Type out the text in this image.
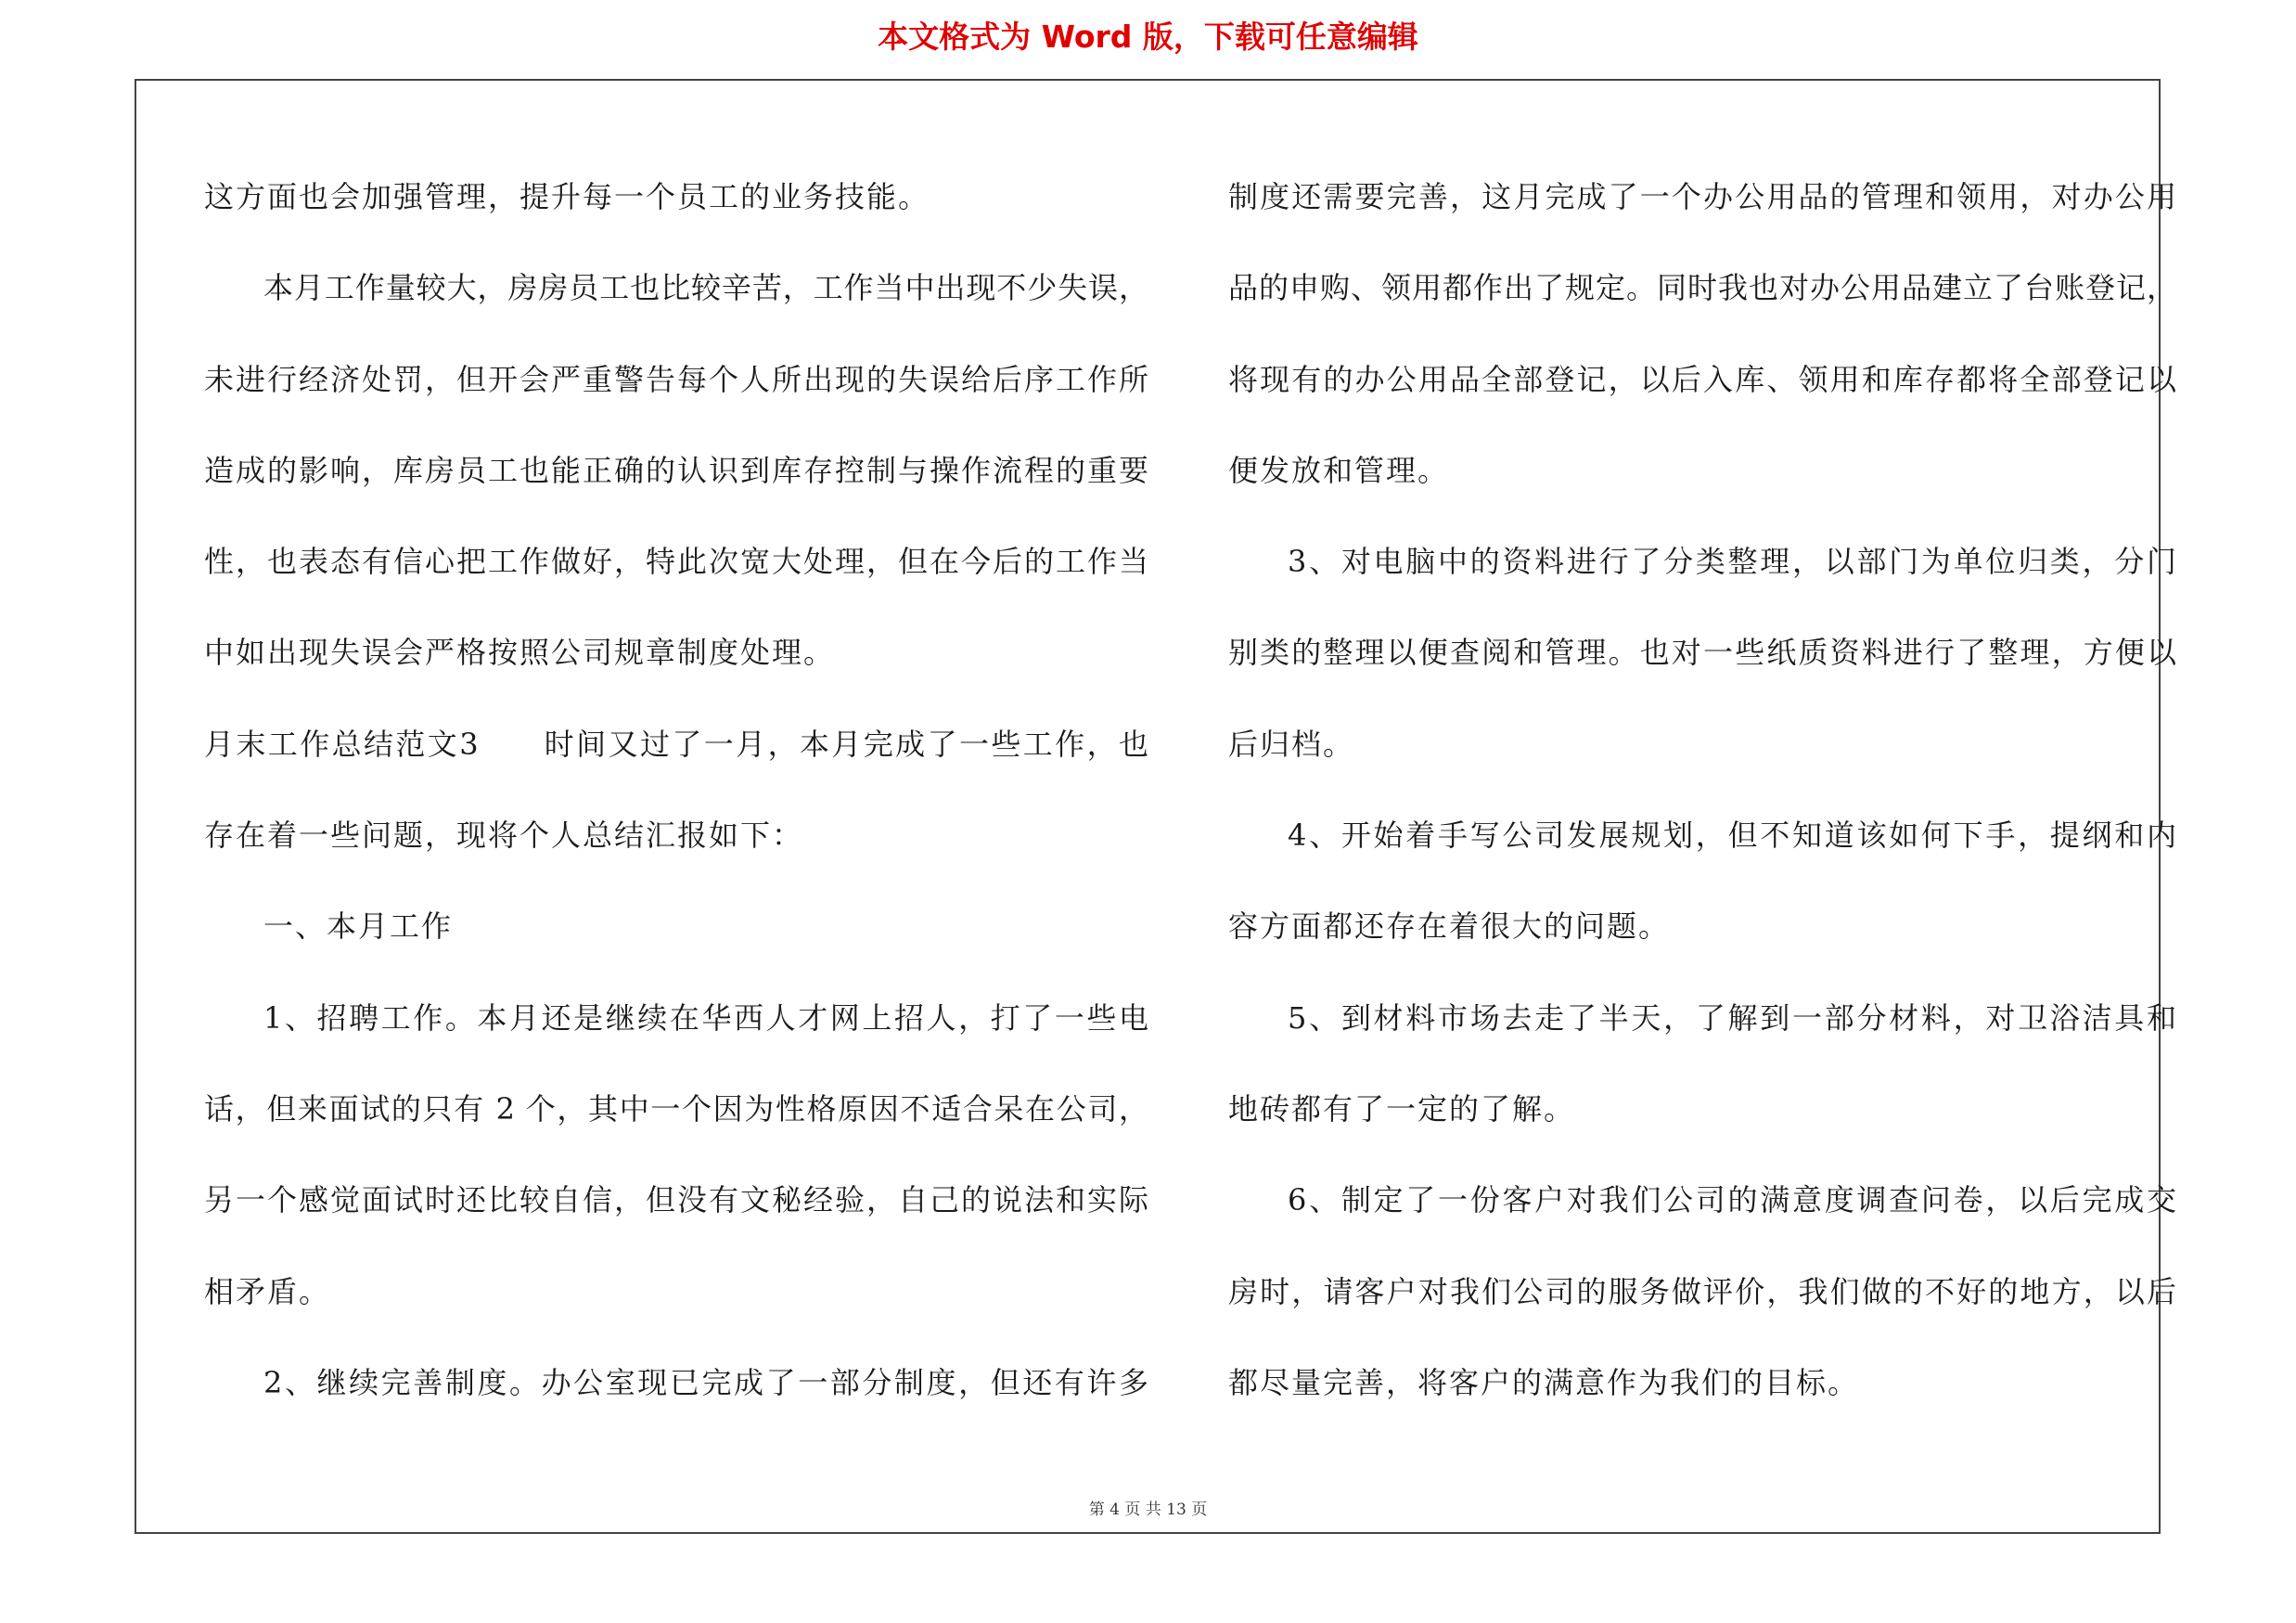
本文格式为 Word 版，下载可任意编辑
这方面也会加强管理，提升每一个员工的业务技能。
本月工作量较大，房房员工也比较辛苦，工作当中出现不少失误，
未进行经济处罚，但开会严重警告每个人所出现的失误给后序工作所
造成的影响，库房员工也能正确的认识到库存控制与操作流程的重要
性，也表态有信心把工作做好，特此次宽大处理，但在今后的工作当
中如出现失误会严格按照公司规章制度处理。
月末工作总结范文3　　时间又过了一月，本月完成了一些工作，也
存在着一些问题，现将个人总结汇报如下：
一、本月工作
1、招聘工作。本月还是继续在华西人才网上招人，打了一些电
话，但来面试的只有 2 个，其中一个因为性格原因不适合呆在公司，
另一个感觉面试时还比较自信，但没有文秘经验，自己的说法和实际
相矛盾。
2、继续完善制度。办公室现已完成了一部分制度，但还有许多
制度还需要完善，这月完成了一个办公用品的管理和领用，对办公用
品的申购、领用都作出了规定。同时我也对办公用品建立了台账登记，
将现有的办公用品全部登记，以后入库、领用和库存都将全部登记以
便发放和管理。
3、对电脑中的资料进行了分类整理，以部门为单位归类，分门
别类的整理以便查阅和管理。也对一些纸质资料进行了整理，方便以
后归档。
4、开始着手写公司发展规划，但不知道该如何下手，提纲和内
容方面都还存在着很大的问题。
5、到材料市场去走了半天，了解到一部分材料，对卫浴洁具和
地砖都有了一定的了解。
6、制定了一份客户对我们公司的满意度调查问卷，以后完成交
房时，请客户对我们公司的服务做评价，我们做的不好的地方，以后
都尽量完善，将客户的满意作为我们的目标。
第 4 页 共 13 页
